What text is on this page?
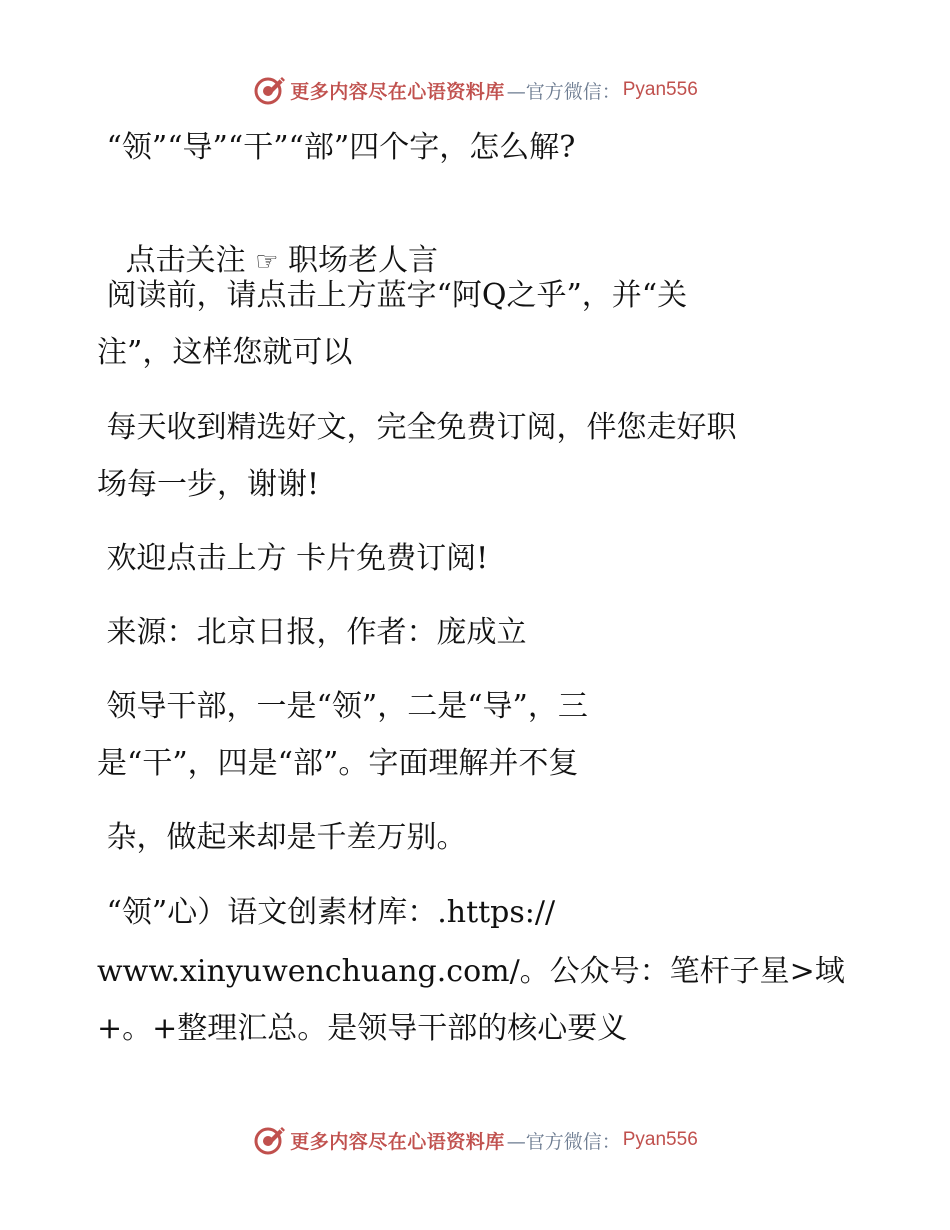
更多内容尽在心语资料库 —官方微信： Pyan556
“领”“导”“干”“部”四个字，怎么解?

点击关注 ☞ 职场老人言

阅读前，请点击上方蓝字“阿Q之乎”，并“关
注”，这样您就可以
每天收到精选好文，完全免费订阅，伴您走好职
场每一步，谢谢!
欢迎点击上方 卡片免费订阅!
来源：北京日报，作者：庞成立
领导干部，一是“领”，二是“导”，三
是“干”，四是“部”。字面理解并不复
杂，做起来却是千差万别。
“领”心）语文创素材库：.https://
www.xinyuwenchuang.com/。公众号：笔杆子星>域
+。+整理汇总。是领导干部的核心要义
更多内容尽在心语资料库 —官方微信： Pyan556
